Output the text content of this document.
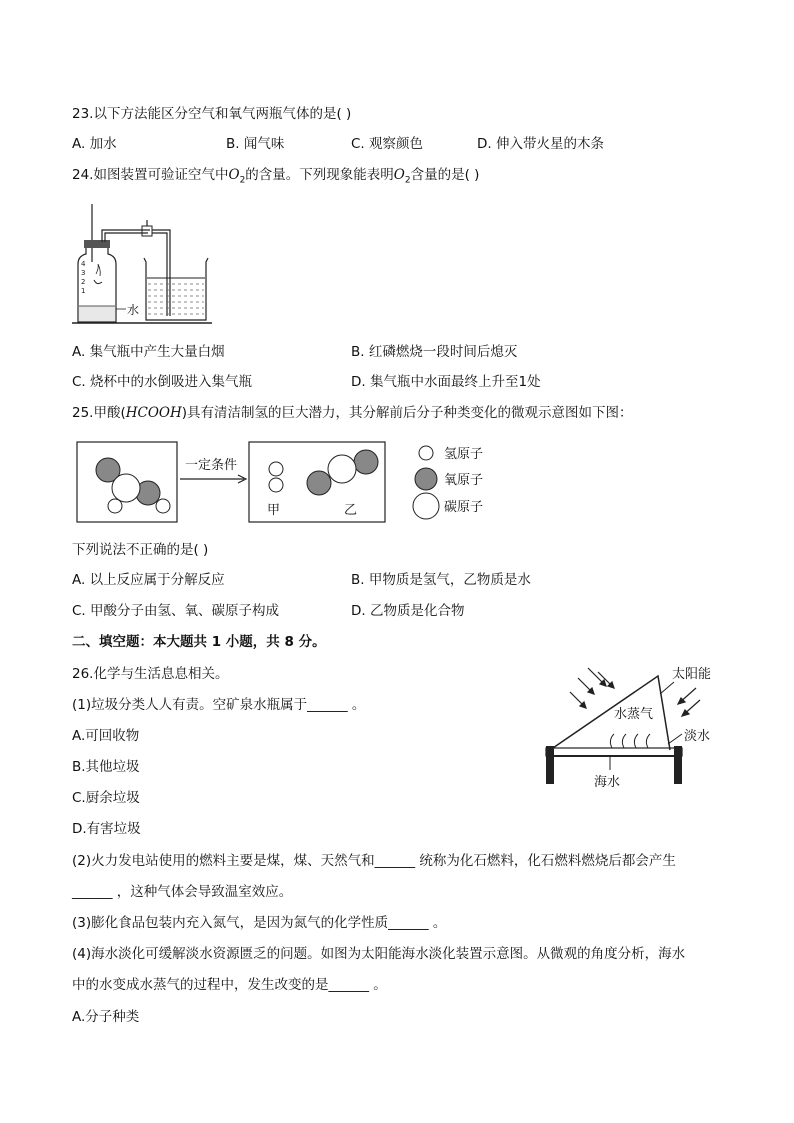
23.以下方法能区分空气和氧气两瓶气体的是( )
A. 加水	B. 闻气味	C. 观察颜色	D. 伸入带火星的木条
24.如图装置可验证空气中$O_2$的含量。下列现象能表明$O_2$含量的是( )
4
3
2
1
水
A. 集气瓶中产生大量白烟	B. 红磷燃烧一段时间后熄灭
C. 烧杯中的水倒吸进入集气瓶	D. 集气瓶中水面最终上升至1处
25.甲酸(HCOOH)具有清洁制氢的巨大潜力，其分解前后分子种类变化的微观示意图如下图：
一定条件
甲	乙
氢原子
氧原子
碳原子
下列说法不正确的是( )
A. 以上反应属于分解反应	B. 甲物质是氢气，乙物质是水
C. 甲酸分子由氢、氧、碳原子构成	D. 乙物质是化合物
二、填空题：本大题共 1 小题，共 8 分。
26.化学与生活息息相关。
(1)垃圾分类人人有责。空矿泉水瓶属于______ 。
A.可回收物
B.其他垃圾
C.厨余垃圾
D.有害垃圾
太阳能
水蒸气
淡水
海水
(2)火力发电站使用的燃料主要是煤，煤、天然气和______ 统称为化石燃料，化石燃料燃烧后都会产生
______ ，这种气体会导致温室效应。
(3)膨化食品包装内充入氮气，是因为氮气的化学性质______ 。
(4)海水淡化可缓解淡水资源匮乏的问题。如图为太阳能海水淡化装置示意图。从微观的角度分析，海水
中的水变成水蒸气的过程中，发生改变的是______ 。
A.分子种类
